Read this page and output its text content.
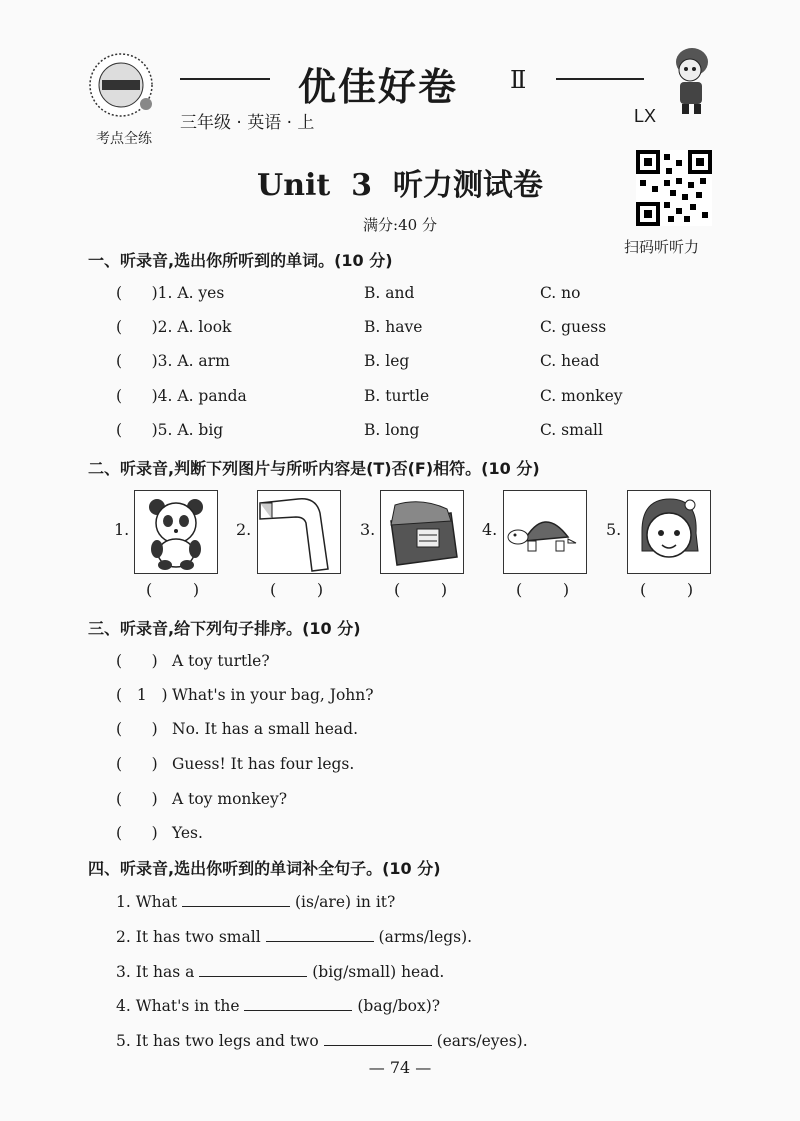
考点全练
优佳好卷 Ⅱ
三年级 · 英语 · 上	LX
扫码听听力
Unit  3  听力测试卷
满分:40 分
一、听录音,选出你所听到的单词。(10 分)
(      )1. A. yes	B. and	C. no
(      )2. A. look	B. have	C. guess
(      )3. A. arm	B. leg	C. head
(      )4. A. panda	B. turtle	C. monkey
(      )5. A. big	B. long	C. small
二、听录音,判断下列图片与所听内容是(T)否(F)相符。(10 分)
1.
(        )
2.
(        )
3.
(        )
4.
(        )
5.
(        )
三、听录音,给下列句子排序。(10 分)
(      ) A toy turtle?
(   1   ) What's in your bag, John?
(      ) No. It has a small head.
(      ) Guess! It has four legs.
(      ) A toy monkey?
(      ) Yes.
四、听录音,选出你听到的单词补全句子。(10 分)
1. What	(is/are) in it?
2. It has two small	(arms/legs).
3. It has a	(big/small) head.
4. What's in the	(bag/box)?
5. It has two legs and two	(ears/eyes).
— 74 —
